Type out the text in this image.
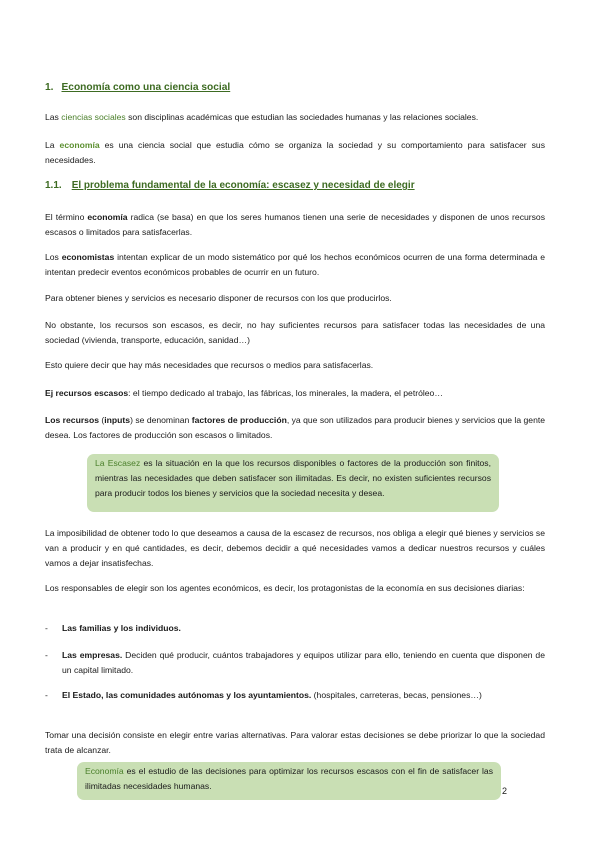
1. Economía como una ciencia social

Las ciencias sociales son disciplinas académicas que estudian las sociedades humanas y las relaciones sociales.

La economía es una ciencia social que estudia cómo se organiza la sociedad y su comportamiento para satisfacer sus necesidades.

1.1. El problema fundamental de la economía: escasez y necesidad de elegir

El término economía radica (se basa) en que los seres humanos tienen una serie de necesidades y disponen de unos recursos escasos o limitados para satisfacerlas.

Los economistas intentan explicar de un modo sistemático por qué los hechos económicos ocurren de una forma determinada e intentan predecir eventos económicos probables de ocurrir en un futuro.

Para obtener bienes y servicios es necesario disponer de recursos con los que producirlos.

No obstante, los recursos son escasos, es decir, no hay suficientes recursos para satisfacer todas las necesidades de una sociedad (vivienda, transporte, educación, sanidad…)

Esto quiere decir que hay más necesidades que recursos o medios para satisfacerlas.

Ej recursos escasos: el tiempo dedicado al trabajo, las fábricas, los minerales, la madera, el petróleo…

Los recursos (inputs) se denominan factores de producción, ya que son utilizados para producir bienes y servicios que la gente desea. Los factores de producción son escasos o limitados.

La Escasez es la situación en la que los recursos disponibles o factores de la producción son finitos, mientras las necesidades que deben satisfacer son ilimitadas. Es decir, no existen suficientes recursos para producir todos los bienes y servicios que la sociedad necesita y desea.

La imposibilidad de obtener todo lo que deseamos a causa de la escasez de recursos, nos obliga a elegir qué bienes y servicios se van a producir y en qué cantidades, es decir, debemos decidir a qué necesidades vamos a dedicar nuestros recursos y cuáles vamos a dejar insatisfechas.

Los responsables de elegir son los agentes económicos, es decir, los protagonistas de la economía en sus decisiones diarias:

- Las familias y los individuos.
- Las empresas. Deciden qué producir, cuántos trabajadores y equipos utilizar para ello, teniendo en cuenta que disponen de un capital limitado.
- El Estado, las comunidades autónomas y los ayuntamientos. (hospitales, carreteras, becas, pensiones…)

Tomar una decisión consiste en elegir entre varias alternativas. Para valorar estas decisiones se debe priorizar lo que la sociedad trata de alcanzar.

Economía es el estudio de las decisiones para optimizar los recursos escasos con el fin de satisfacer las ilimitadas necesidades humanas.	2
